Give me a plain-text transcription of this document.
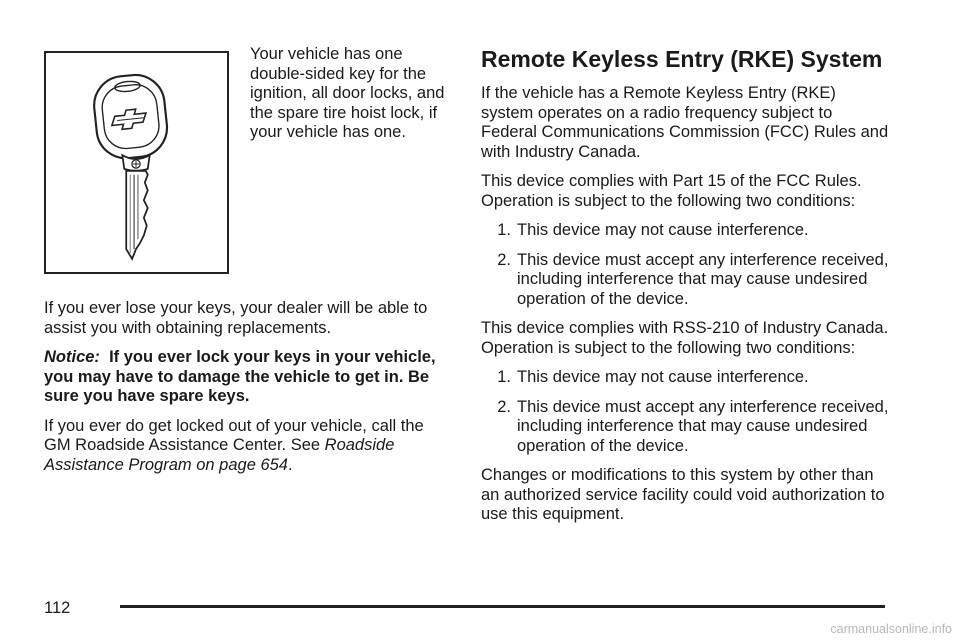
Your vehicle has one double-sided key for the ignition, all door locks, and the spare tire hoist lock, if your vehicle has one.

If you ever lose your keys, your dealer will be able to assist you with obtaining replacements.

Notice: If you ever lock your keys in your vehicle, you may have to damage the vehicle to get in. Be sure you have spare keys.

If you ever do get locked out of your vehicle, call the GM Roadside Assistance Center. See Roadside Assistance Program on page 654.

Remote Keyless Entry (RKE) System

If the vehicle has a Remote Keyless Entry (RKE) system operates on a radio frequency subject to Federal Communications Commission (FCC) Rules and with Industry Canada.

This device complies with Part 15 of the FCC Rules. Operation is subject to the following two conditions:

1. This device may not cause interference.
2. This device must accept any interference received, including interference that may cause undesired operation of the device.

This device complies with RSS-210 of Industry Canada. Operation is subject to the following two conditions:

1. This device may not cause interference.
2. This device must accept any interference received, including interference that may cause undesired operation of the device.

Changes or modifications to this system by other than an authorized service facility could void authorization to use this equipment.

112

carmanualsonline.info
